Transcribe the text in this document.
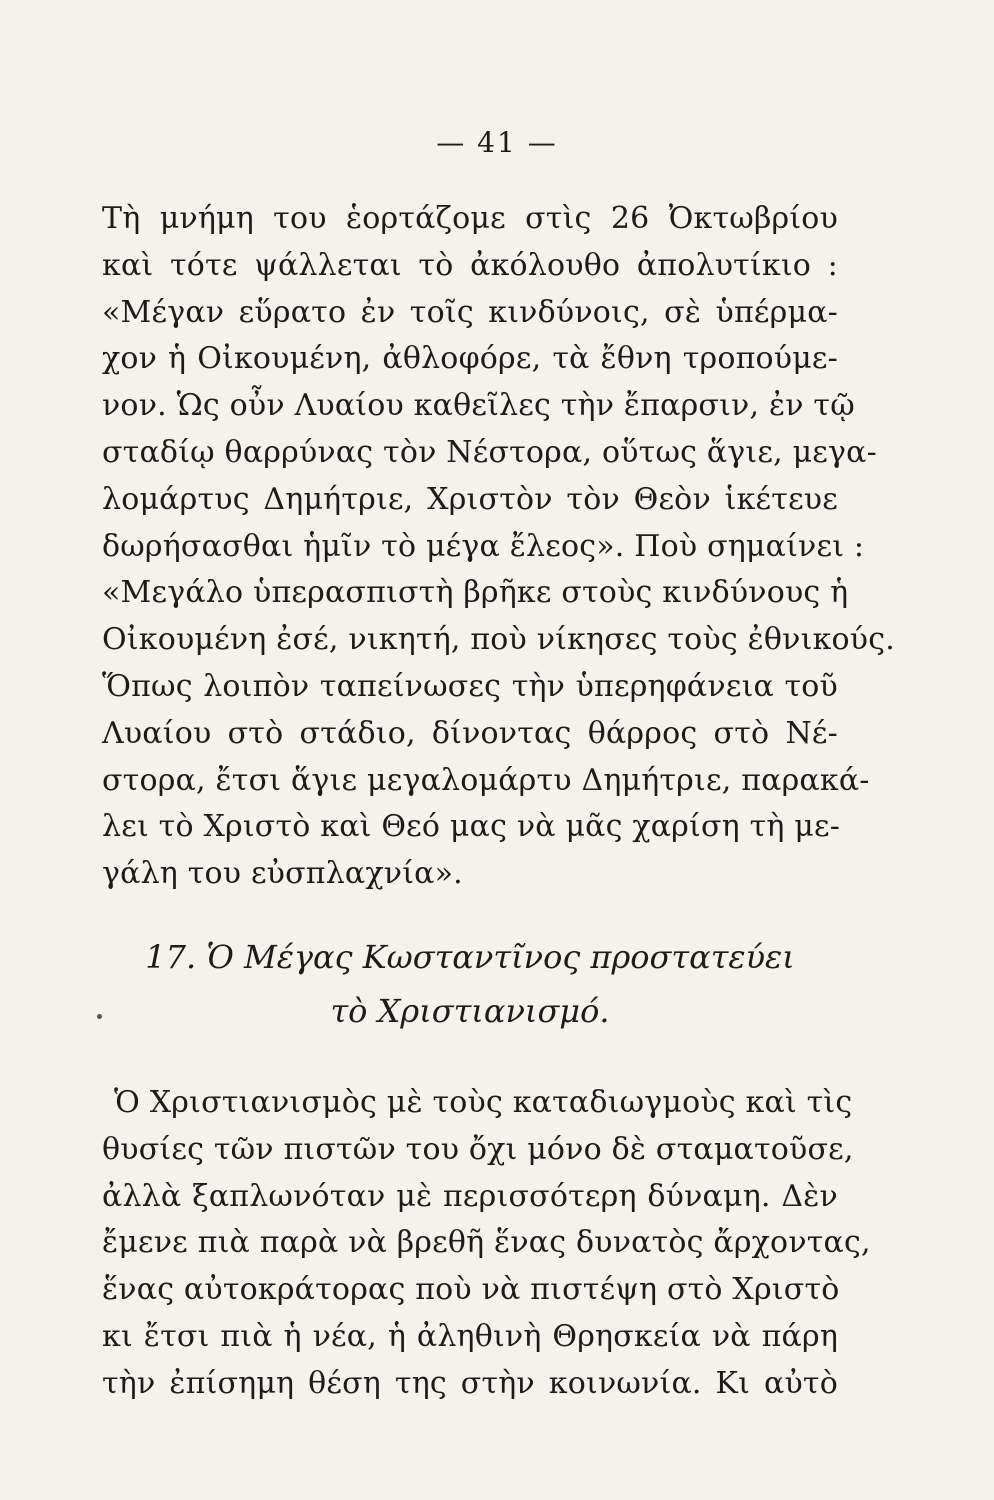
— 41 —
Τὴ μνήμη του ἑορτάζομε στὶς 26 Ὀκτωβρίου
καὶ τότε ψάλλεται τὸ ἀκόλουθο ἀπολυτίκιο :
«Μέγαν εὕρατο ἐν τοῖς κινδύνοις, σὲ ὑπέρμα-
χον ἡ Οἰκουμένη, ἀθλοφόρε, τὰ ἔθνη τροπούμε-
νον. Ὡς οὖν Λυαίου καθεῖλες τὴν ἔπαρσιν, ἐν τῷ
σταδίῳ θαρρύνας τὸν Νέστορα, οὕτως ἅγιε, μεγα-
λομάρτυς Δημήτριε, Χριστὸν τὸν Θεὸν ἱκέτευε
δωρήσασθαι ἡμῖν τὸ μέγα ἔλεος». Ποὺ σημαίνει :
«Μεγάλο ὑπερασπιστὴ βρῆκε στοὺς κινδύνους ἡ
Οἰκουμένη ἐσέ, νικητή, ποὺ νίκησες τοὺς ἐθνικούς.
Ὅπως λοιπὸν ταπείνωσες τὴν ὑπερηφάνεια τοῦ
Λυαίου στὸ στάδιο, δίνοντας θάρρος στὸ Νέ-
στορα, ἔτσι ἅγιε μεγαλομάρτυ Δημήτριε, παρακά-
λει τὸ Χριστὸ καὶ Θεό μας νὰ μᾶς χαρίση τὴ με-
γάλη του εὐσπλαχνία».
17. Ὁ Μέγας Κωσταντῖνος προστατεύει
τὸ Χριστιανισμό.
Ὁ Χριστιανισμὸς μὲ τοὺς καταδιωγμοὺς καὶ τὶς
θυσίες τῶν πιστῶν του ὄχι μόνο δὲ σταματοῦσε,
ἀλλὰ ξαπλωνόταν μὲ περισσότερη δύναμη. Δὲν
ἔμενε πιὰ παρὰ νὰ βρεθῆ ἕνας δυνατὸς ἄρχοντας,
ἕνας αὐτοκράτορας ποὺ νὰ πιστέψη στὸ Χριστὸ
κι ἔτσι πιὰ ἡ νέα, ἡ ἀληθινὴ Θρησκεία νὰ πάρη
τὴν ἐπίσημη θέση της στὴν κοινωνία. Κι αὐτὸ
